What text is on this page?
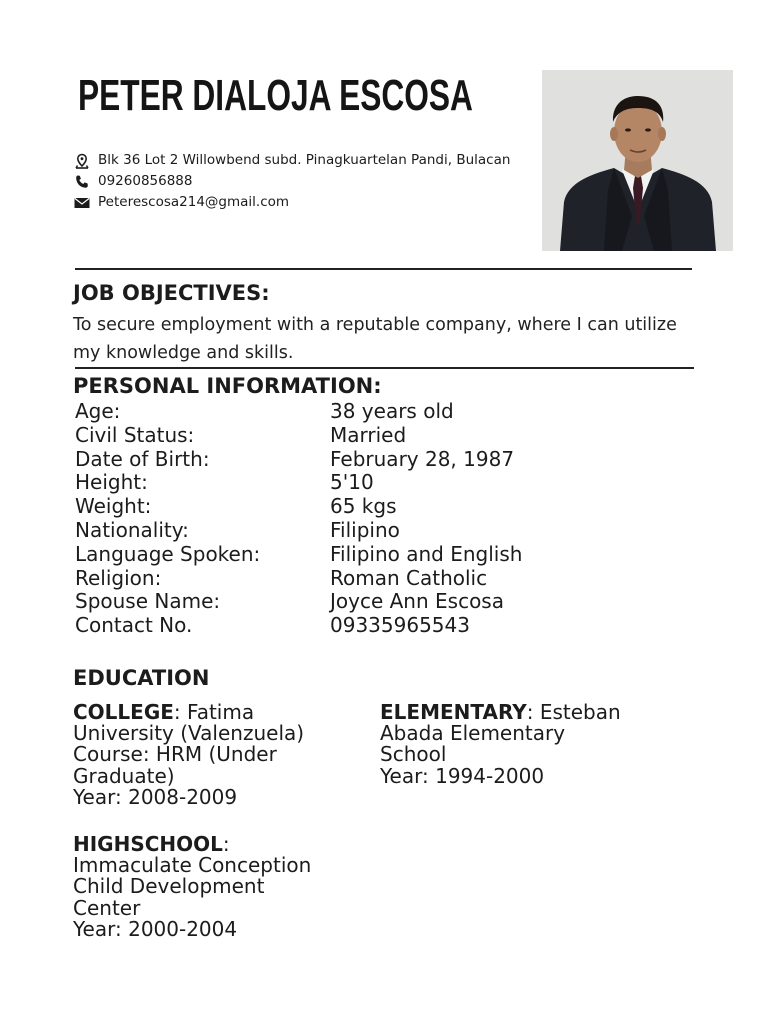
PETER DIALOJA ESCOSA
Blk 36 Lot 2 Willowbend subd. Pinagkuartelan Pandi, Bulacan
09260856888
Peterescosa214@gmail.com
JOB OBJECTIVES:
To secure employment with a reputable company, where I can utilize my knowledge and skills.
PERSONAL INFORMATION:
Age:	38 years old
Civil Status:	Married
Date of Birth:	February 28, 1987
Height:	5'10
Weight:	65 kgs
Nationality:	Filipino
Language Spoken:	Filipino and English
Religion:	Roman Catholic
Spouse Name:	Joyce Ann Escosa
Contact No.	09335965543
EDUCATION
COLLEGE: Fatima
University (Valenzuela)
Course: HRM (Under
Graduate)
Year: 2008-2009
ELEMENTARY: Esteban
Abada Elementary
School
Year: 1994-2000
HIGHSCHOOL:
Immaculate Conception
Child Development
Center
Year: 2000-2004
